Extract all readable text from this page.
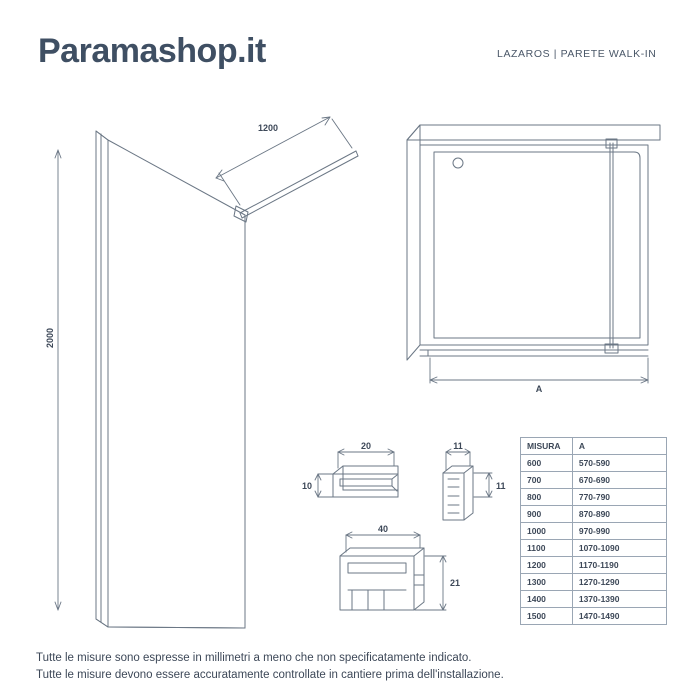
Paramashop.it	LAZAROS | PARETE WALK-IN
1200
2000
A
20
10
11
11
40
21
MISURA	A
600	570-590
700	670-690
800	770-790
900	870-890
1000	970-990
1100	1070-1090
1200	1170-1190
1300	1270-1290
1400	1370-1390
1500	1470-1490
Tutte le misure sono espresse in millimetri a meno che non specificatamente indicato.
Tutte le misure devono essere accuratamente controllate in cantiere prima dell'installazione.
